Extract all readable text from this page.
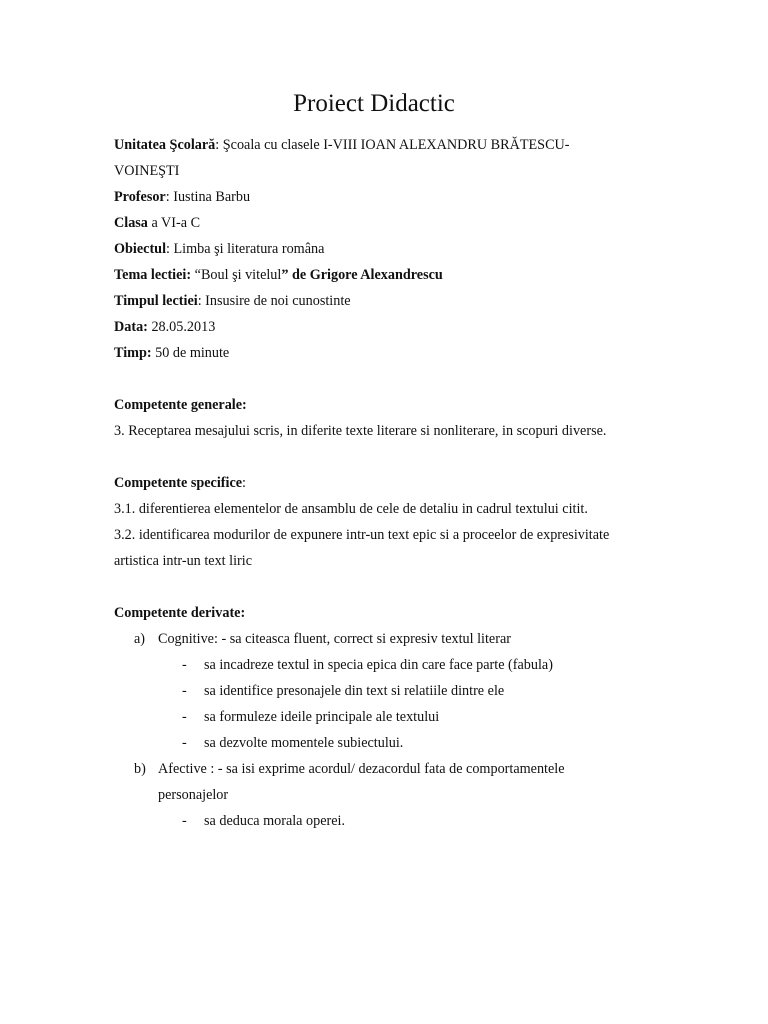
Proiect Didactic
Unitatea Şcolară: Şcoala cu clasele I-VIII IOAN ALEXANDRU BRĂTESCU-
VOINEŞTI
Profesor: Iustina Barbu
Clasa a VI-a C
Obiectul: Limba şi literatura româna
Tema lectiei: “Boul şi vitelul” de Grigore Alexandrescu
Timpul lectiei: Insusire de noi cunostinte
Data: 28.05.2013
Timp: 50 de minute
Competente generale:
3. Receptarea mesajului scris, in diferite texte literare si nonliterare, in scopuri diverse.
Competente specifice:
3.1. diferentierea elementelor de ansamblu de cele de detaliu in cadrul textului citit.
3.2. identificarea modurilor de expunere intr-un text epic si a proceelor de expresivitate
artistica intr-un text liric
Competente derivate:
a) Cognitive: - sa citeasca fluent, correct si expresiv textul literar
- sa incadreze textul in specia epica din care face parte (fabula)
- sa identifice presonajele din text si relatiile dintre ele
- sa formuleze ideile principale ale textului
- sa dezvolte momentele subiectului.
b) Afective : - sa isi exprime acordul/ dezacordul fata de comportamentele
personajelor
- sa deduca morala operei.
